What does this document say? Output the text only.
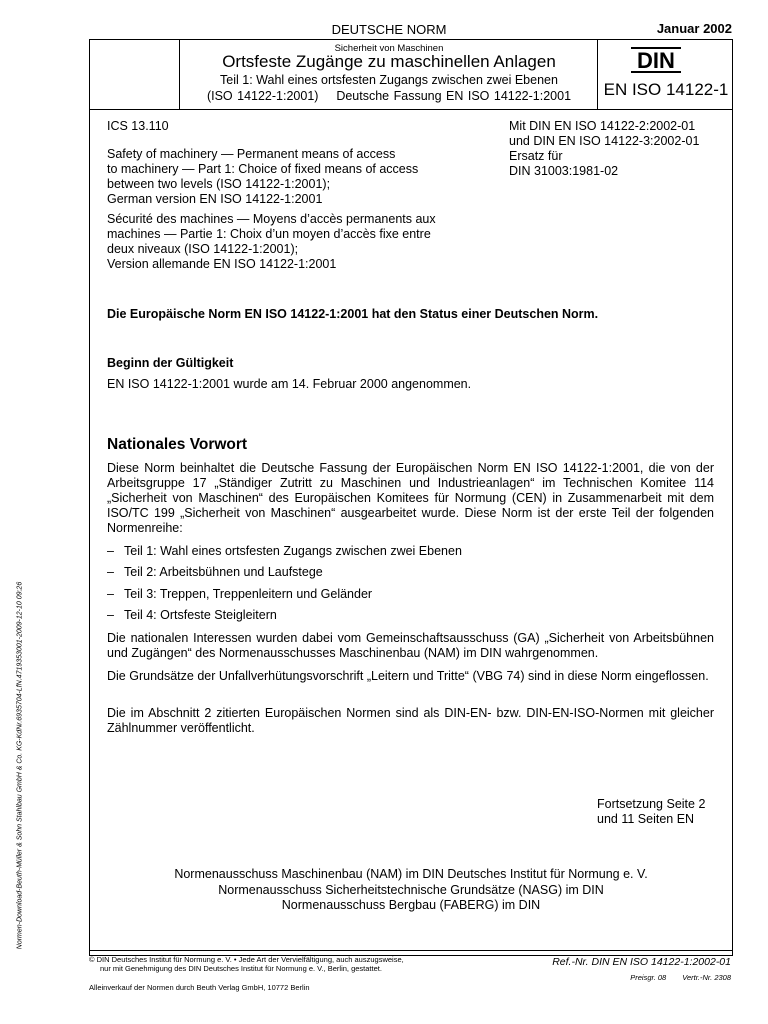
DEUTSCHE NORM	Januar 2002
Sicherheit von Maschinen
Ortsfeste Zugänge zu maschinellen Anlagen
Teil 1: Wahl eines ortsfesten Zugangs zwischen zwei Ebenen
(ISO 14122-1:2001)    Deutsche Fassung EN ISO 14122-1:2001
DIN
EN ISO 14122-1
ICS 13.110	Mit DIN EN ISO 14122-2:2002-01
und DIN EN ISO 14122-3:2002-01
Ersatz für
DIN 31003:1981-02
Safety of machinery — Permanent means of access
to machinery — Part 1: Choice of fixed means of access
between two levels (ISO 14122-1:2001);
German version EN ISO 14122-1:2001
Sécurité des machines — Moyens d’accès permanents aux
machines — Partie 1: Choix d’un moyen d’accès fixe entre
deux niveaux (ISO 14122-1:2001);
Version allemande EN ISO 14122-1:2001
Die Europäische Norm EN ISO 14122-1:2001 hat den Status einer Deutschen Norm.
Beginn der Gültigkeit
EN ISO 14122-1:2001 wurde am 14. Februar 2000 angenommen.
Nationales Vorwort
Diese Norm beinhaltet die Deutsche Fassung der Europäischen Norm EN ISO 14122-1:2001, die von der Arbeitsgruppe 17 „Ständiger Zutritt zu Maschinen und Industrieanlagen“ im Technischen Komitee 114 „Sicherheit von Maschinen“ des Europäischen Komitees für Normung (CEN) in Zusammenarbeit mit dem ISO/TC 199 „Sicherheit von Maschinen“ ausgearbeitet wurde. Diese Norm ist der erste Teil der folgenden Normenreihe:
– Teil 1: Wahl eines ortsfesten Zugangs zwischen zwei Ebenen
– Teil 2: Arbeitsbühnen und Laufstege
– Teil 3: Treppen, Treppenleitern und Geländer
– Teil 4: Ortsfeste Steigleitern
Die nationalen Interessen wurden dabei vom Gemeinschaftsausschuss (GA) „Sicherheit von Arbeitsbühnen und Zugängen“ des Normenausschusses Maschinenbau (NAM) im DIN wahrgenommen.
Die Grundsätze der Unfallverhütungsvorschrift „Leitern und Tritte“ (VBG 74) sind in diese Norm eingeflossen.
Die im Abschnitt 2 zitierten Europäischen Normen sind als DIN-EN- bzw. DIN-EN-ISO-Normen mit gleicher Zählnummer veröffentlicht.
Fortsetzung Seite 2
und 11 Seiten EN
Normenausschuss Maschinenbau (NAM) im DIN Deutsches Institut für Normung e. V.
Normenausschuss Sicherheitstechnische Grundsätze (NASG) im DIN
Normenausschuss Bergbau (FABERG) im DIN
© DIN Deutsches Institut für Normung e. V. • Jede Art der Vervielfältigung, auch auszugsweise,
nur mit Genehmigung des DIN Deutsches Institut für Normung e. V., Berlin, gestattet.
Ref.-Nr. DIN EN ISO 14122-1:2002-01
Preisgr. 08 Vertr.-Nr. 2308
Alleinverkauf der Normen durch Beuth Verlag GmbH, 10772 Berlin
Normen-Download-Beuth-Müller & Sohn Stahlbau GmbH & Co. KG-KdNr.6935704-LfN.4719353001-2009-12-10 09:26
